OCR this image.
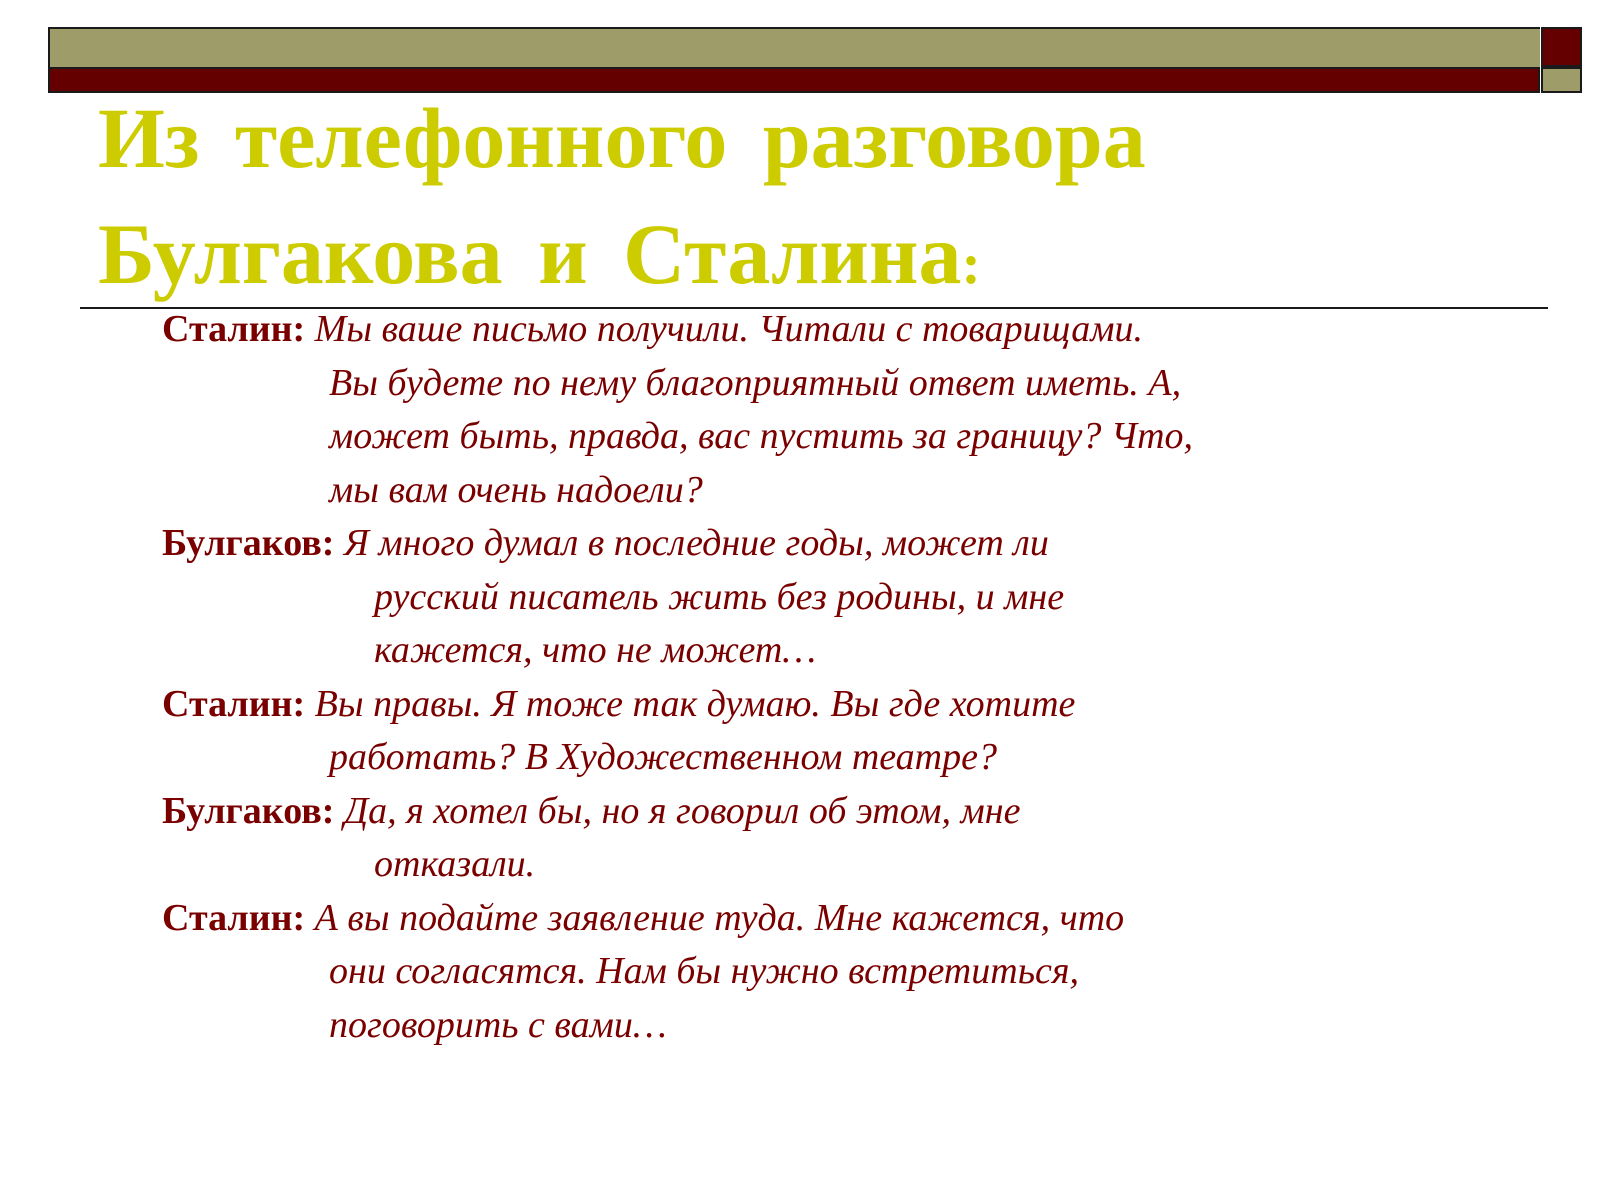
Из телефонного разговора
Булгакова и Сталина:
Сталин: Мы ваше письмо получили. Читали с товарищами.
Вы будете по нему благоприятный ответ иметь. А,
может быть, правда, вас пустить за границу? Что,
мы вам очень надоели?
Булгаков: Я много думал в последние годы, может ли
русский писатель жить без родины, и мне
кажется, что не может…
Сталин: Вы правы. Я тоже так думаю. Вы где хотите
работать? В Художественном театре?
Булгаков: Да, я хотел бы, но я говорил об этом, мне
отказали.
Сталин: А вы подайте заявление туда. Мне кажется, что
они согласятся. Нам бы нужно встретиться,
поговорить с вами…
